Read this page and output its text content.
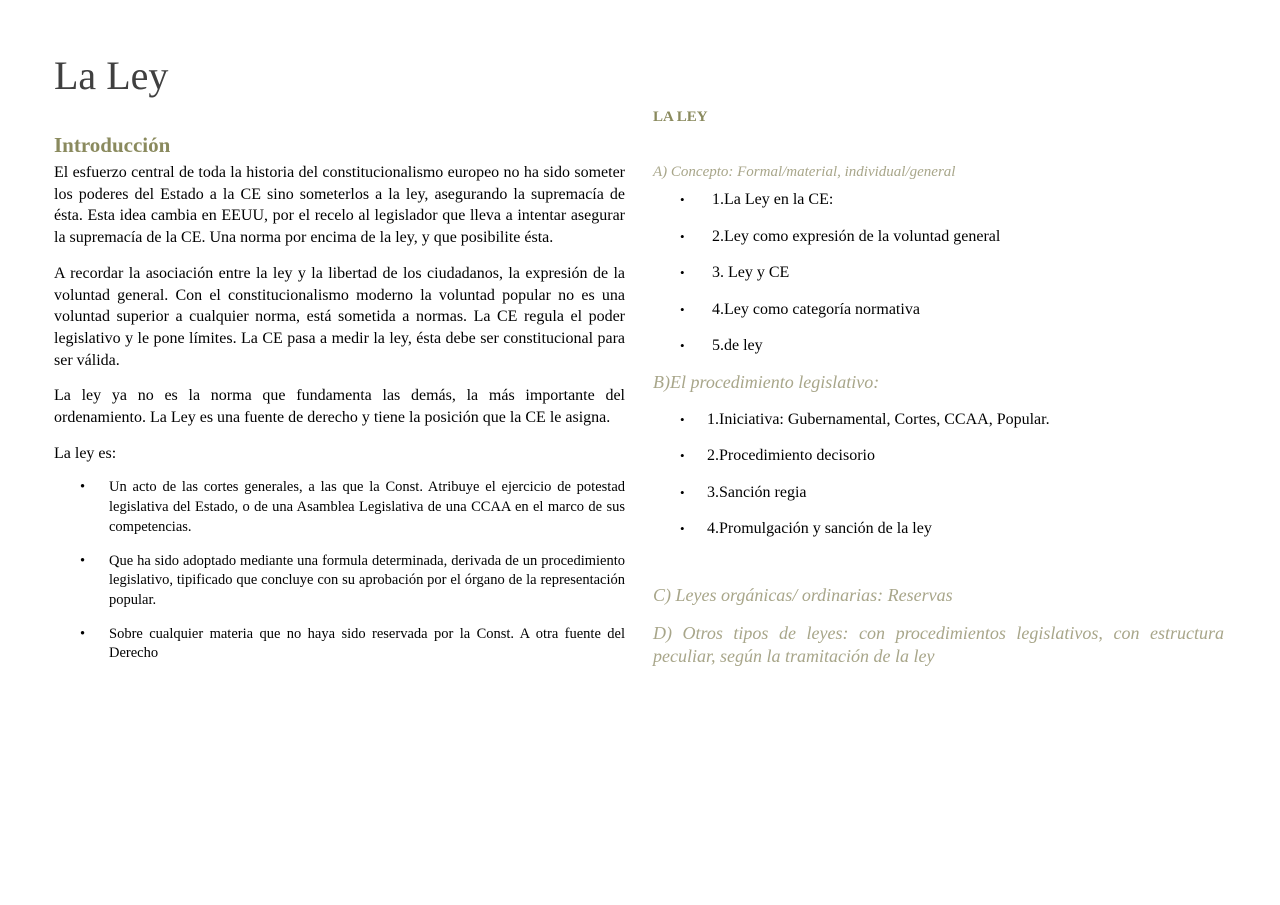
La Ley
Introducción

El esfuerzo central de toda la historia del constitucionalismo europeo no ha sido someter los poderes del Estado a la CE sino someterlos a la ley, asegurando la supremacía de ésta. Esta idea cambia en EEUU, por el recelo al legislador que lleva a intentar asegurar la supremacía de la CE. Una norma por encima de la ley, y que posibilite ésta.

A recordar la asociación entre la ley y la libertad de los ciudadanos, la expresión de la voluntad general. Con el constitucionalismo moderno la voluntad popular no es una voluntad superior a cualquier norma, está sometida a normas. La CE regula el poder legislativo y le pone límites. La CE pasa a medir la ley, ésta debe ser constitucional para ser válida.

La ley ya no es la norma que fundamenta las demás, la más importante del ordenamiento. La Ley es una fuente de derecho y tiene la posición que la CE le asigna.

La ley es:

• Un acto de las cortes generales, a las que la Const. Atribuye el ejercicio de potestad legislativa del Estado, o de una Asamblea Legislativa de una CCAA en el marco de sus competencias.
• Que ha sido adoptado mediante una formula determinada, derivada de un procedimiento legislativo, tipificado que concluye con su aprobación por el órgano de la representación popular.
• Sobre cualquier materia que no haya sido reservada por la Const. A otra fuente del Derecho
LA LEY
A) Concepto: Formal/material, individual/general
• 1.La Ley en la CE:
• 2.Ley como expresión de la voluntad general
• 3. Ley y CE
• 4.Ley como categoría normativa
• 5.de ley
B)El procedimiento legislativo:
• 1.Iniciativa: Gubernamental, Cortes, CCAA, Popular.
• 2.Procedimiento decisorio
• 3.Sanción regia
• 4.Promulgación y sanción de la ley
C) Leyes orgánicas/ ordinarias: Reservas
D) Otros tipos de leyes: con procedimientos legislativos, con estructura peculiar, según la tramitación de la ley
